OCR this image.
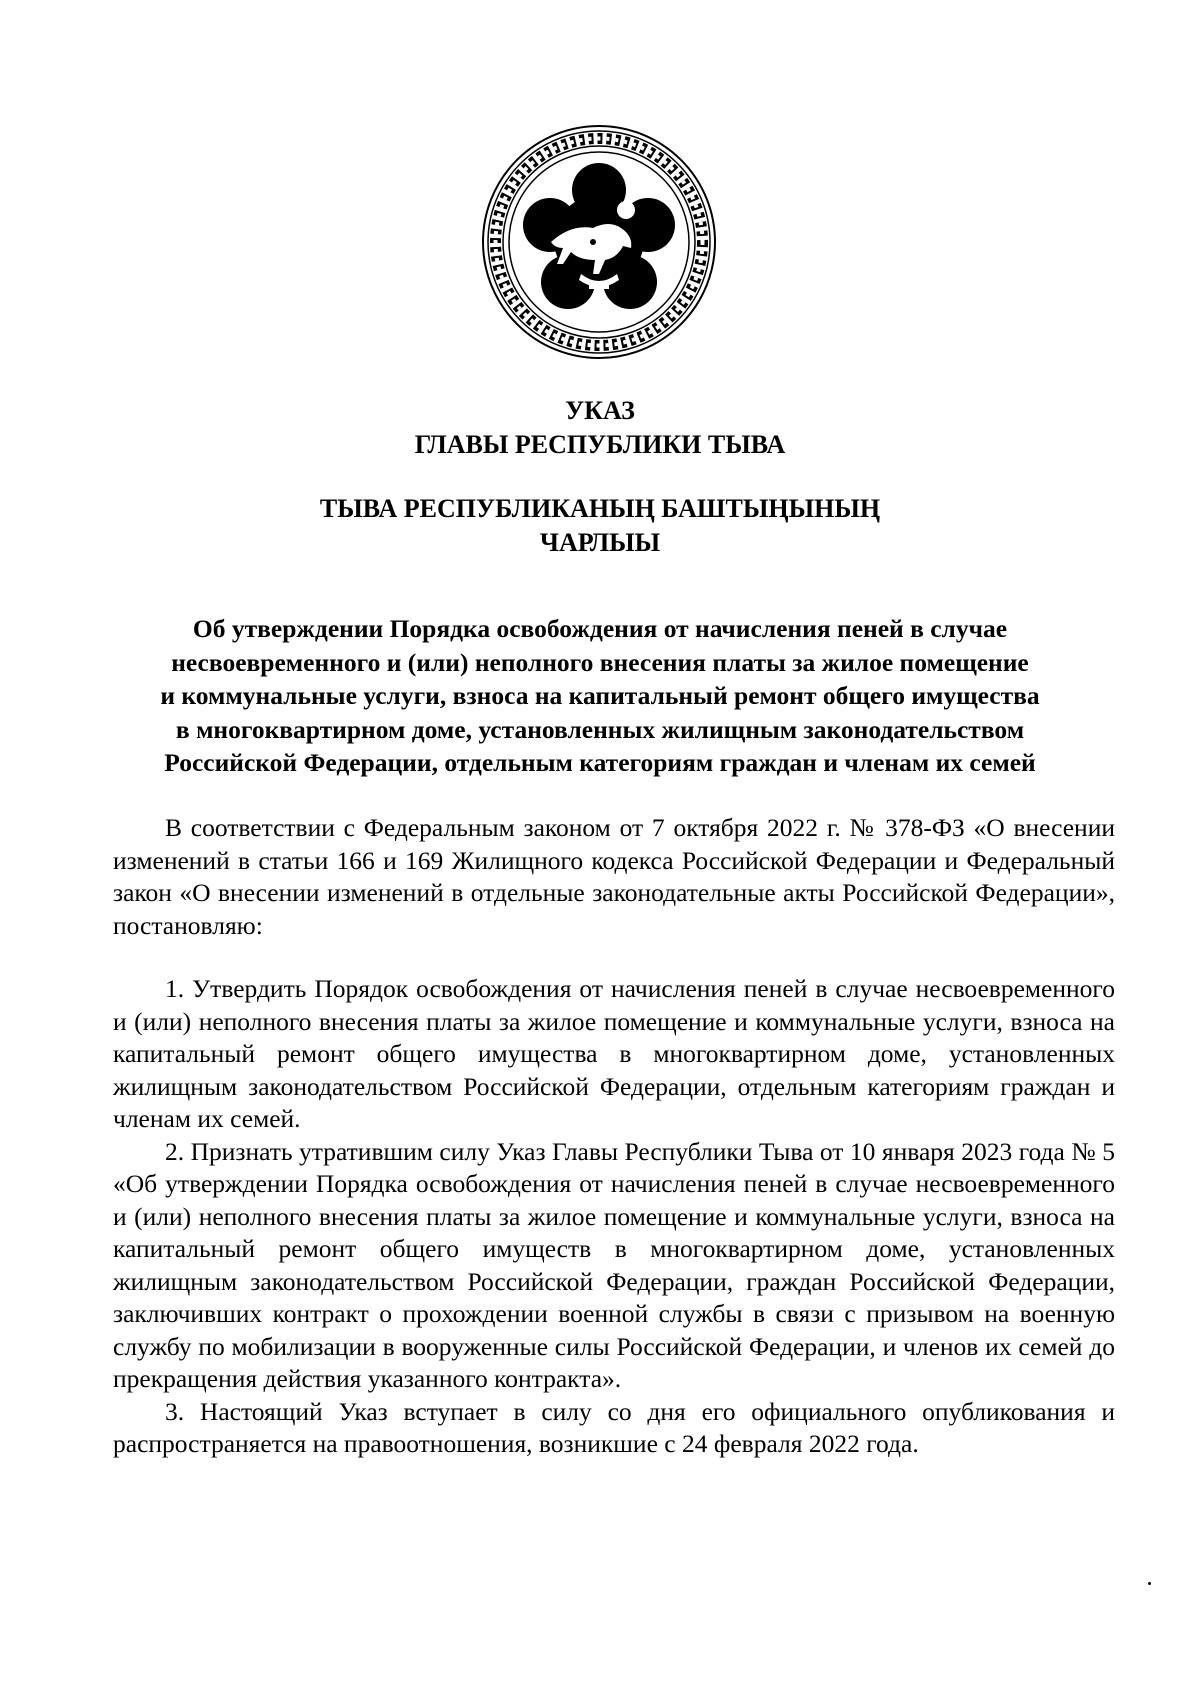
УКАЗ
ГЛАВЫ РЕСПУБЛИКИ ТЫВА
ТЫВА РЕСПУБЛИКАНЫҢ БАШТЫҢЫНЫҢ
ЧАРЛЫЫ
Об утверждении Порядка освобождения от начисления пеней в случае
несвоевременного и (или) неполного внесения платы за жилое помещение
и коммунальные услуги, взноса на капитальный ремонт общего имущества
в многоквартирном доме, установленных жилищным законодательством
Российской Федерации, отдельным категориям граждан и членам их семей

В соответствии с Федеральным законом от 7 октября 2022 г. № 378-ФЗ «О внесении изменений в статьи 166 и 169 Жилищного кодекса Российской Федерации и Федеральный закон «О внесении изменений в отдельные законодательные акты Российской Федерации», постановляю:

1. Утвердить Порядок освобождения от начисления пеней в случае несвоевременного и (или) неполного внесения платы за жилое помещение и коммунальные услуги, взноса на капитальный ремонт общего имущества в многоквартирном доме, установленных жилищным законодательством Российской Федерации, отдельным категориям граждан и членам их семей.

2. Признать утратившим силу Указ Главы Республики Тыва от 10 января 2023 года № 5 «Об утверждении Порядка освобождения от начисления пеней в случае несвоевременного и (или) неполного внесения платы за жилое помещение и коммунальные услуги, взноса на капитальный ремонт общего имуществ в многоквартирном доме, установленных жилищным законодательством Российской Федерации, граждан Российской Федерации, заключивших контракт о прохождении военной службы в связи с призывом на военную службу по мобилизации в вооруженные силы Российской Федерации, и членов их семей до прекращения действия указанного контракта».

3. Настоящий Указ вступает в силу со дня его официального опубликования и распространяется на правоотношения, возникшие с 24 февраля 2022 года.
